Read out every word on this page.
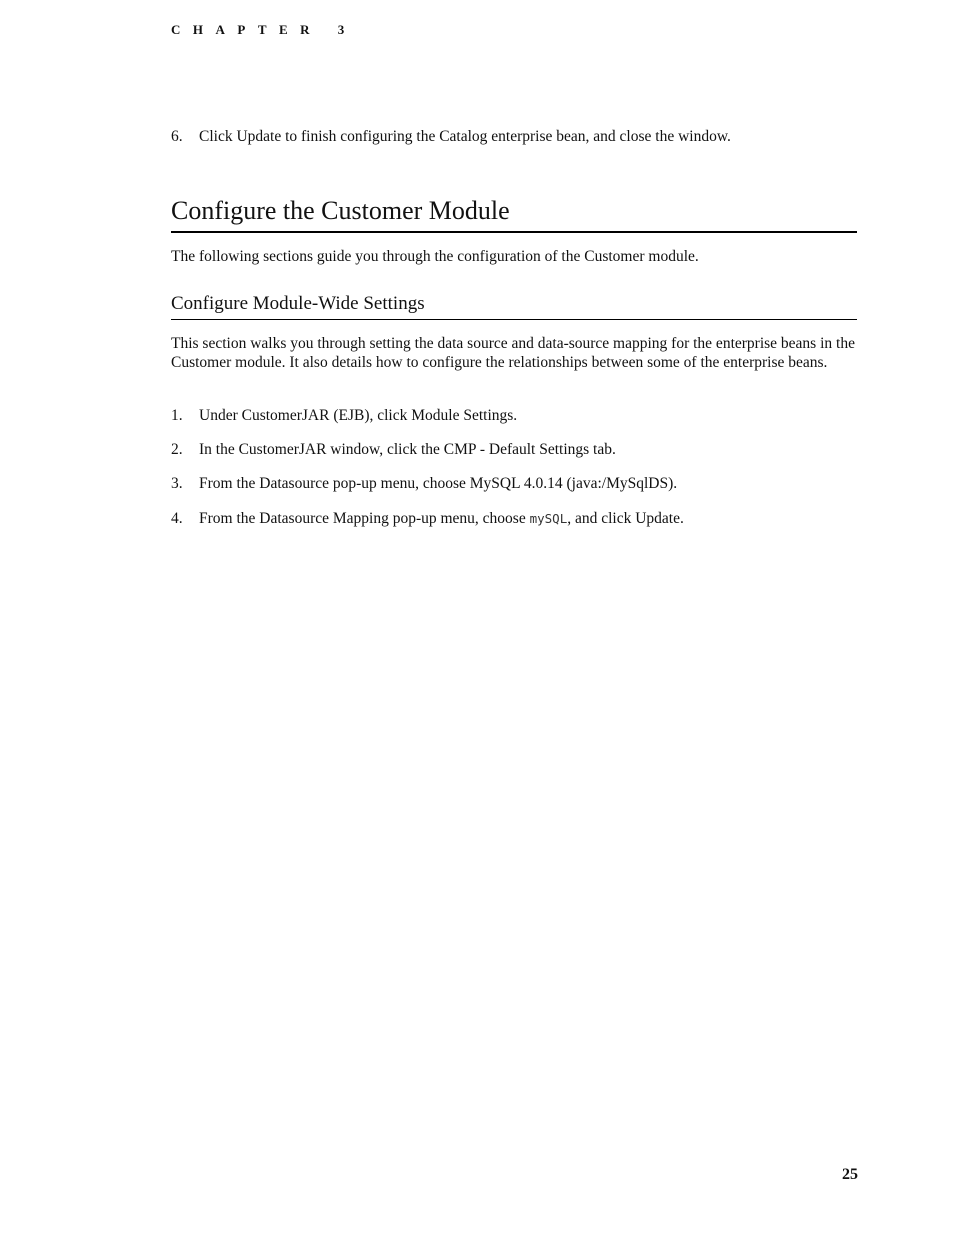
CHAPTER 3
6. Click Update to finish configuring the Catalog enterprise bean, and close the window.
Configure the Customer Module
The following sections guide you through the configuration of the Customer module.
Configure Module-Wide Settings
This section walks you through setting the data source and data-source mapping for the enterprise beans in the Customer module. It also details how to configure the relationships between some of the enterprise beans.
1. Under CustomerJAR (EJB), click Module Settings.
2. In the CustomerJAR window, click the CMP - Default Settings tab.
3. From the Datasource pop-up menu, choose MySQL 4.0.14 (java:/MySqlDS).
4. From the Datasource Mapping pop-up menu, choose mySQL, and click Update.
25
